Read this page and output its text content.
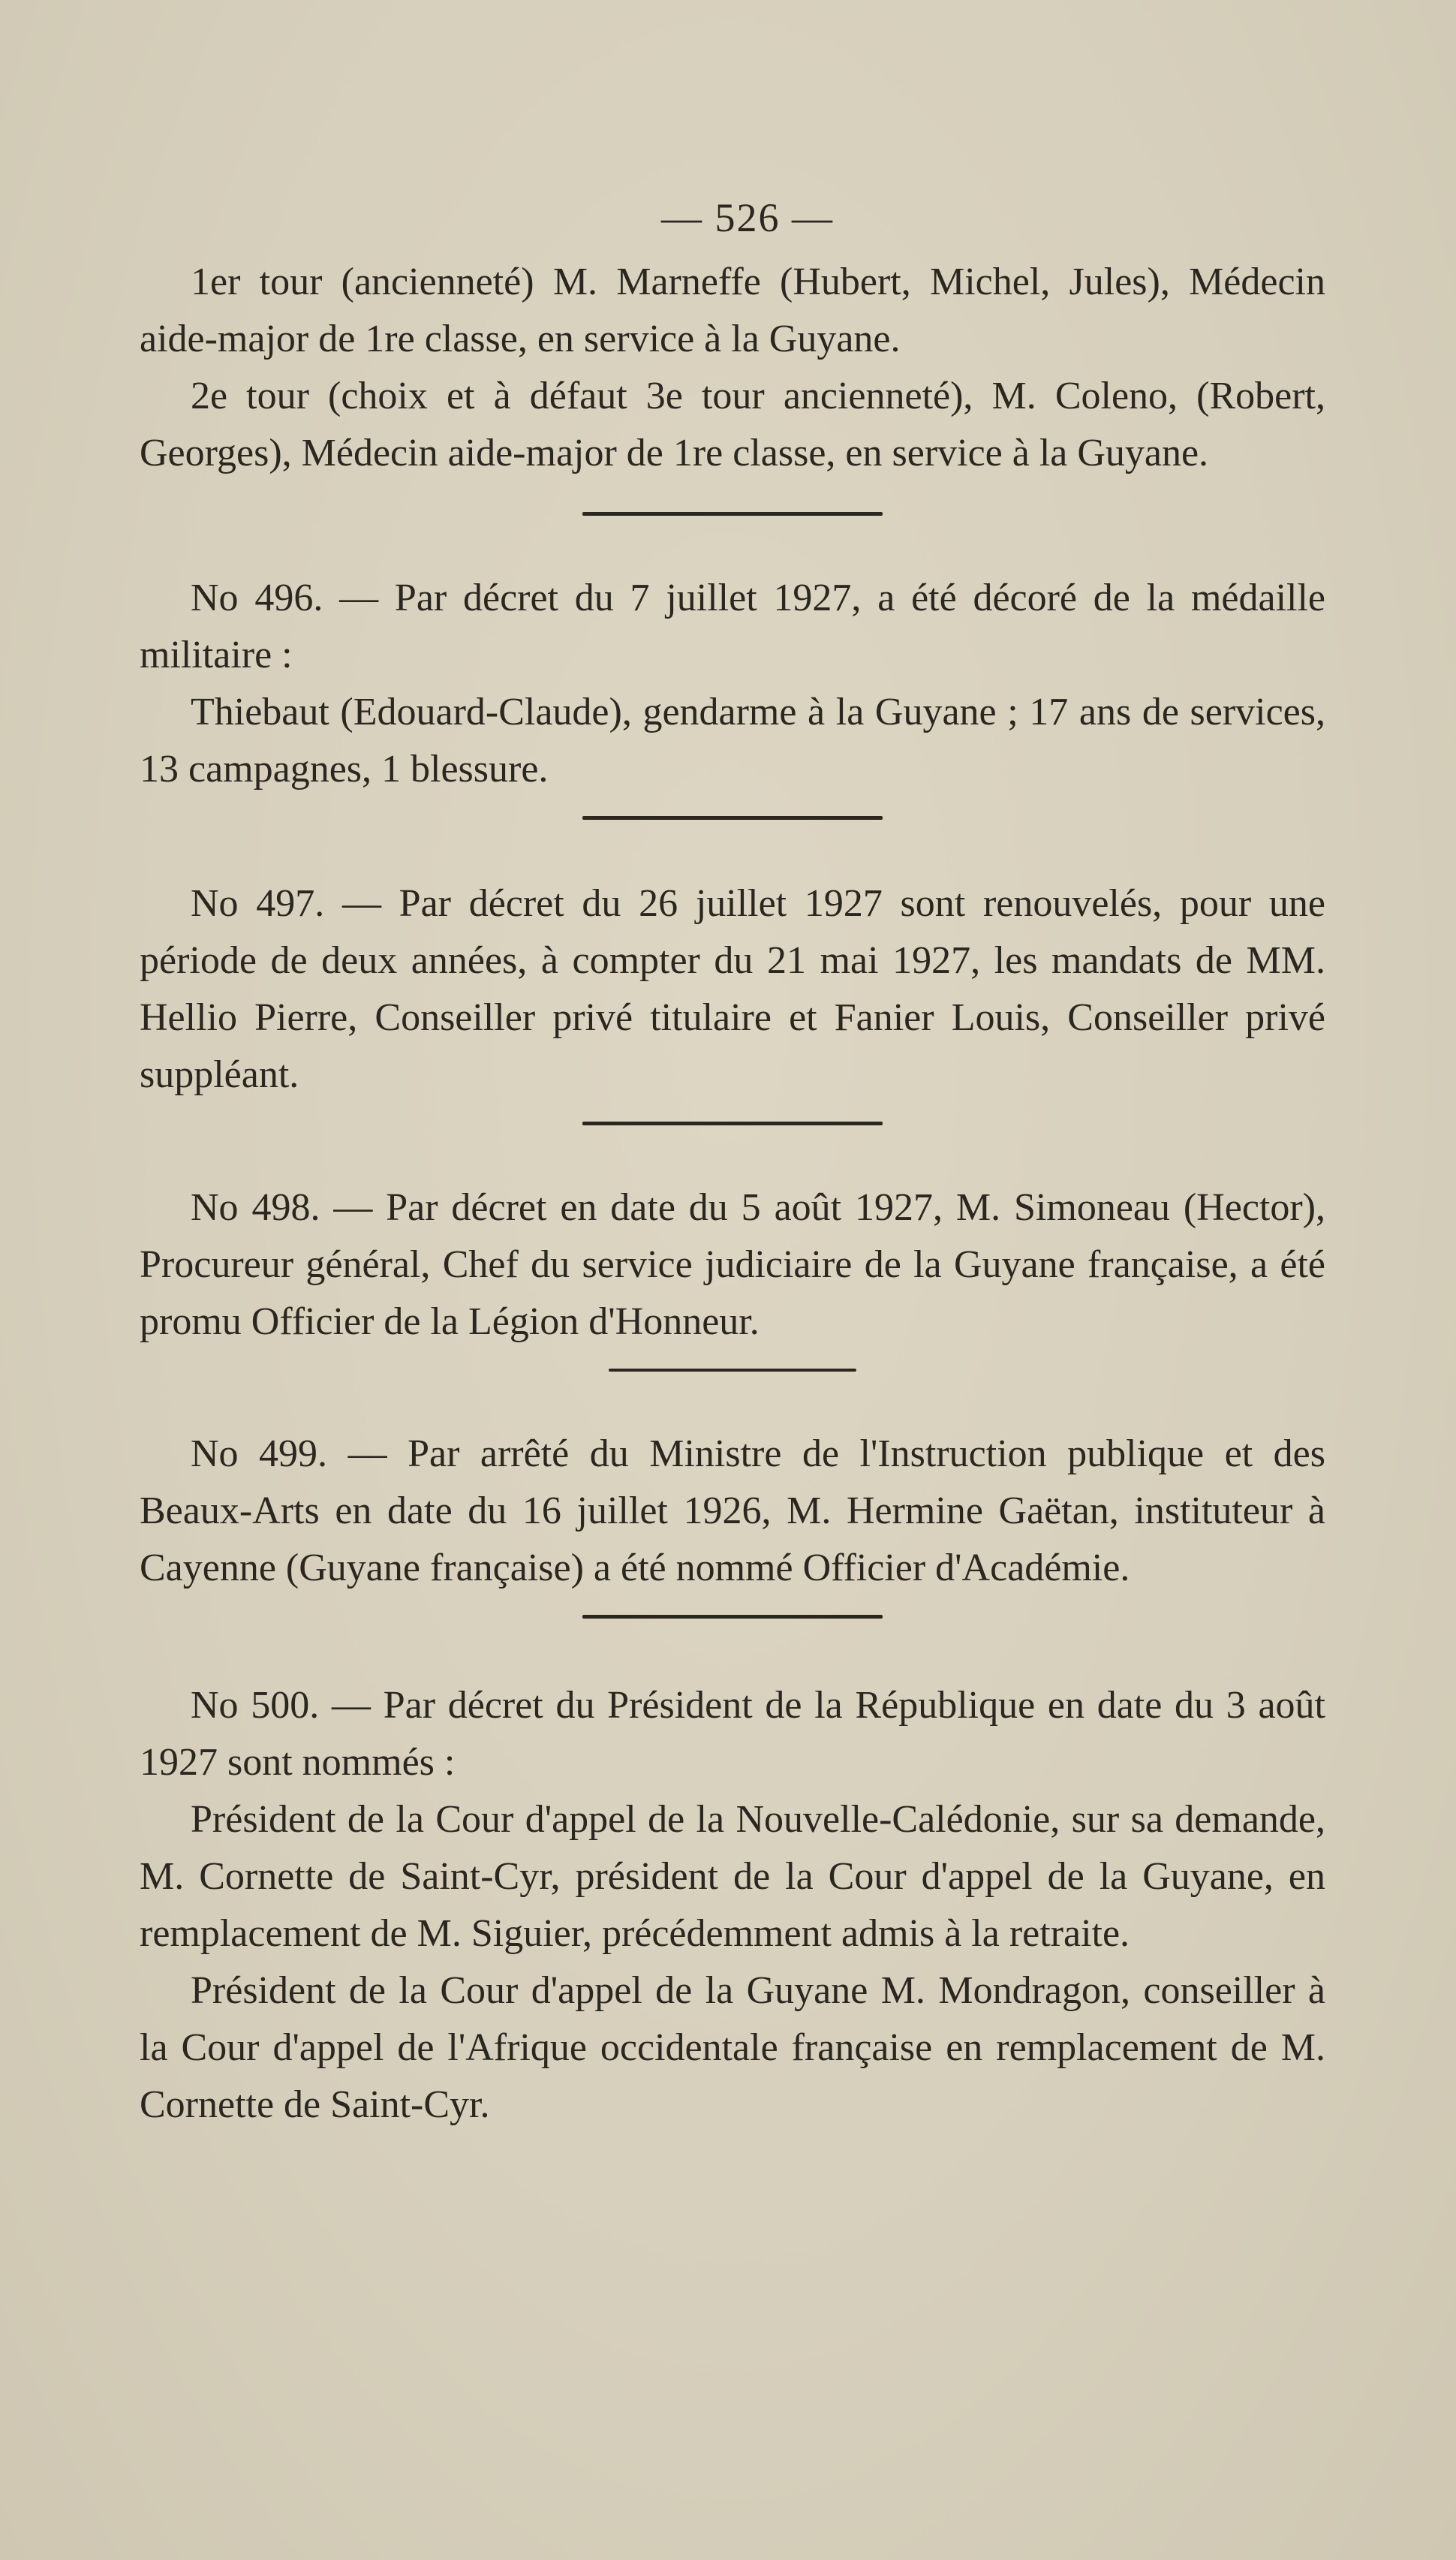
— 526 —

1er tour (ancienneté) M. Marneffe (Hubert, Michel, Jules), Médecin aide-major de 1re classe, en service à la Guyane.

2e tour (choix et à défaut 3e tour ancienneté), M. Coleno, (Robert, Georges), Médecin aide-major de 1re classe, en service à la Guyane.

No 496. — Par décret du 7 juillet 1927, a été décoré de la médaille militaire :

Thiebaut (Edouard-Claude), gendarme à la Guyane ; 17 ans de services, 13 campagnes, 1 blessure.

No 497. — Par décret du 26 juillet 1927 sont renouvelés, pour une période de deux années, à compter du 21 mai 1927, les mandats de MM. Hellio Pierre, Conseiller privé titulaire et Fanier Louis, Conseiller privé suppléant.

No 498. — Par décret en date du 5 août 1927, M. Simoneau (Hector), Procureur général, Chef du service judiciaire de la Guyane française, a été promu Officier de la Légion d'Honneur.

No 499. — Par arrêté du Ministre de l'Instruction publique et des Beaux-Arts en date du 16 juillet 1926, M. Hermine Gaëtan, instituteur à Cayenne (Guyane française) a été nommé Officier d'Académie.

No 500. — Par décret du Président de la République en date du 3 août 1927 sont nommés :

Président de la Cour d'appel de la Nouvelle-Calédonie, sur sa demande, M. Cornette de Saint-Cyr, président de la Cour d'appel de la Guyane, en remplacement de M. Siguier, précédemment admis à la retraite.

Président de la Cour d'appel de la Guyane M. Mondragon, conseiller à la Cour d'appel de l'Afrique occidentale française en remplacement de M. Cornette de Saint-Cyr.
